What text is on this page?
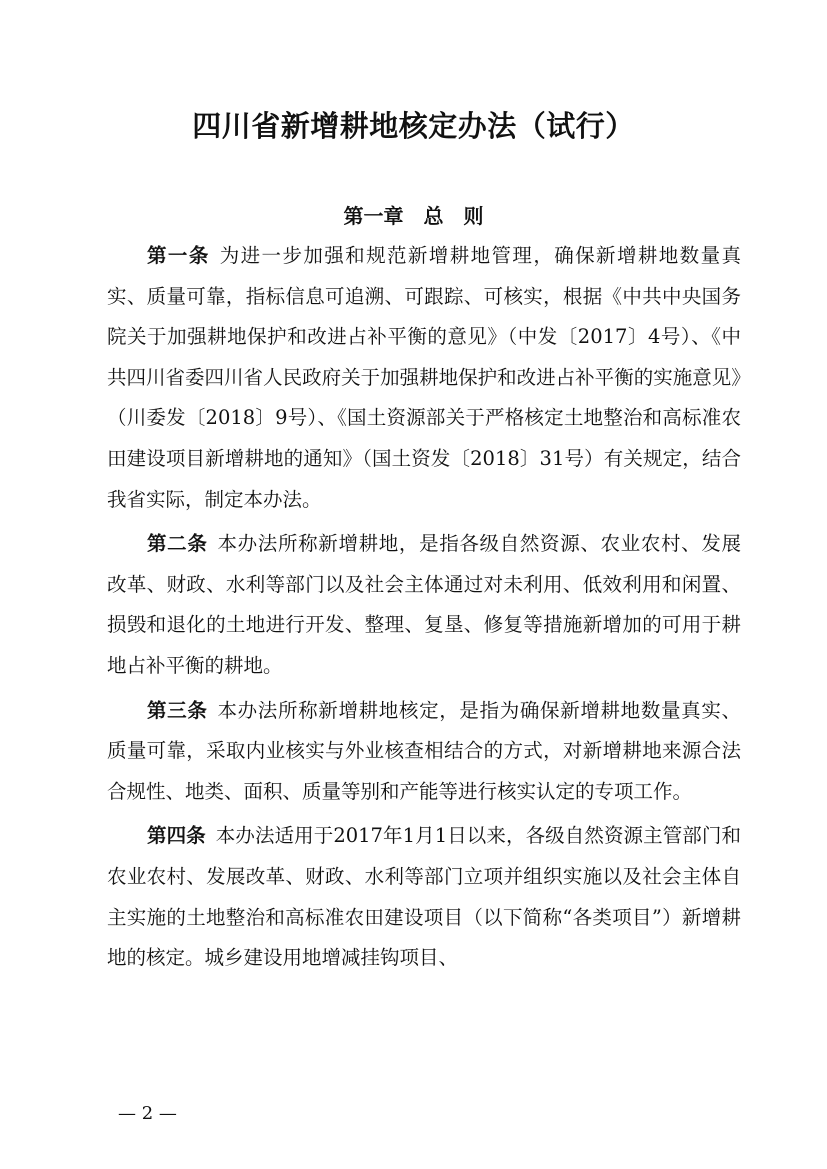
四川省新增耕地核定办法（试行）
第一章　总　则

第一条 为进一步加强和规范新增耕地管理，确保新增耕地数量真实、质量可靠，指标信息可追溯、可跟踪、可核实，根据《中共中央国务院关于加强耕地保护和改进占补平衡的意见》（中发〔2017〕4号）、《中共四川省委四川省人民政府关于加强耕地保护和改进占补平衡的实施意见》（川委发〔2018〕9号）、《国土资源部关于严格核定土地整治和高标准农田建设项目新增耕地的通知》（国土资发〔2018〕31号）有关规定，结合我省实际，制定本办法。

第二条 本办法所称新增耕地，是指各级自然资源、农业农村、发展改革、财政、水利等部门以及社会主体通过对未利用、低效利用和闲置、损毁和退化的土地进行开发、整理、复垦、修复等措施新增加的可用于耕地占补平衡的耕地。

第三条 本办法所称新增耕地核定，是指为确保新增耕地数量真实、质量可靠，采取内业核实与外业核查相结合的方式，对新增耕地来源合法合规性、地类、面积、质量等别和产能等进行核实认定的专项工作。

第四条 本办法适用于2017年1月1日以来，各级自然资源主管部门和农业农村、发展改革、财政、水利等部门立项并组织实施以及社会主体自主实施的土地整治和高标准农田建设项目（以下简称“各类项目”）新增耕地的核定。城乡建设用地增减挂钩项目、

— 2 —
